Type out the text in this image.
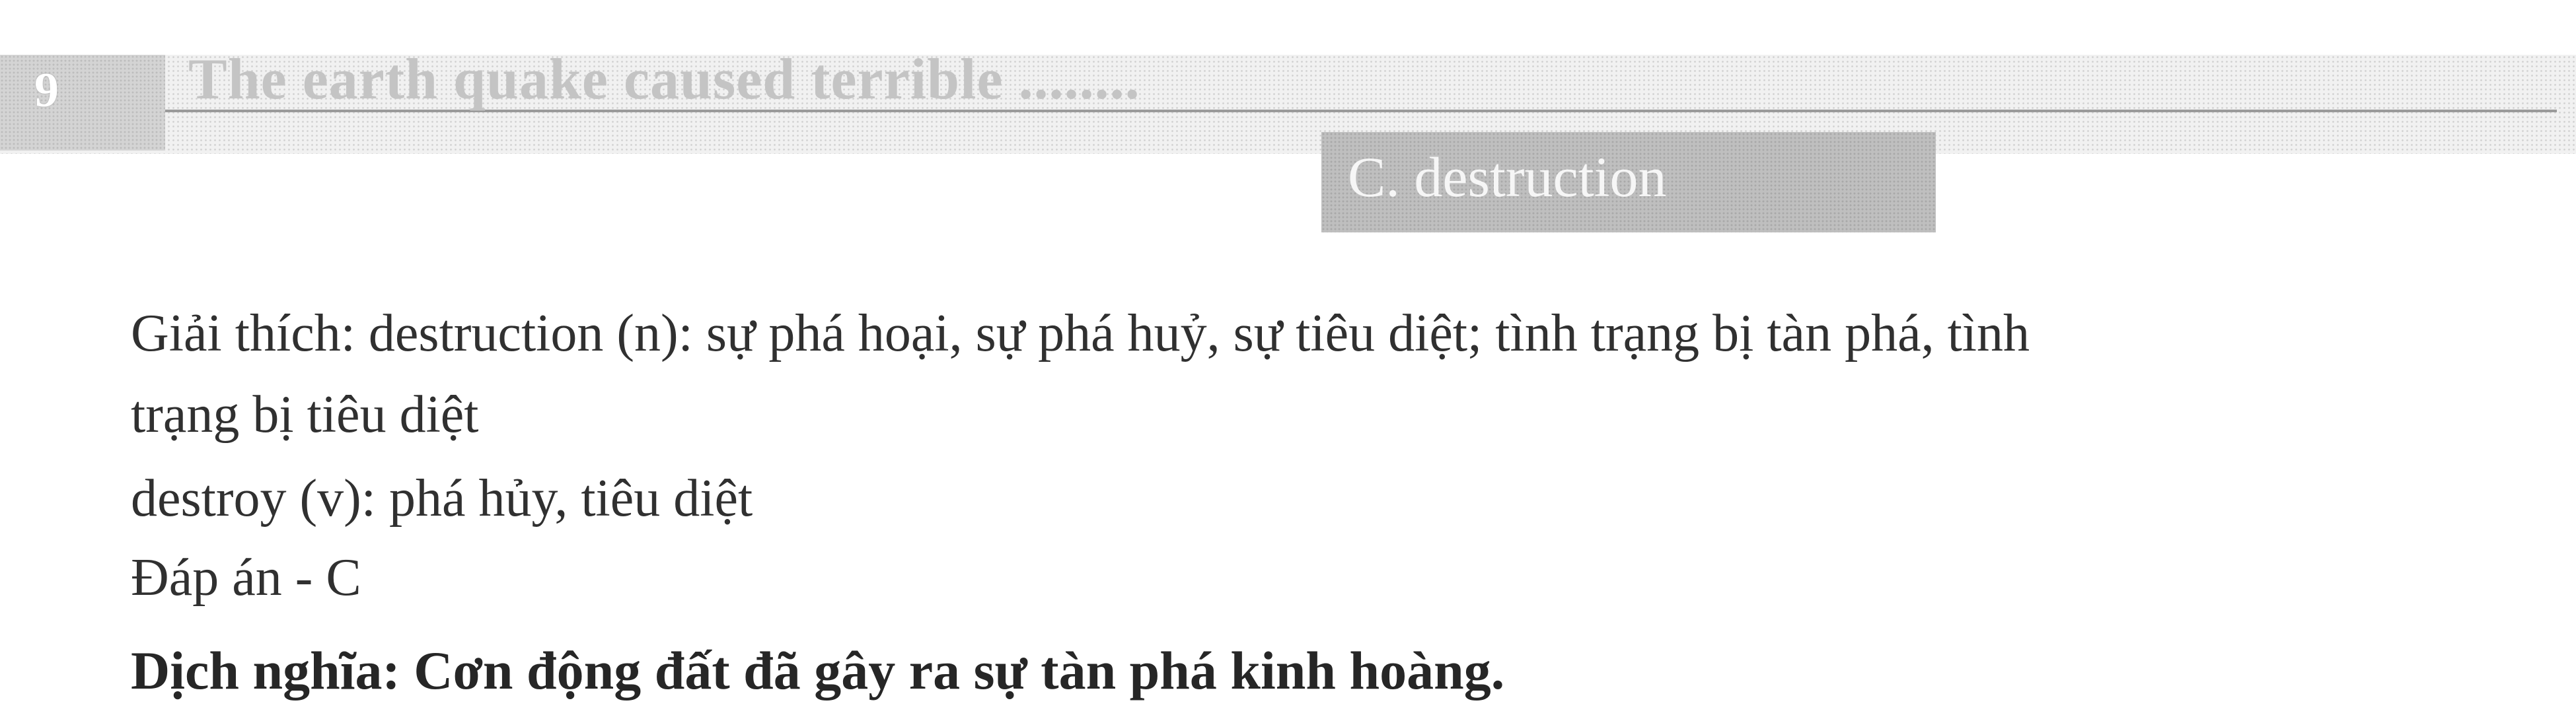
9 The earth quake caused terrible ........
C. destruction
Giải thích: destruction (n): sự phá hoại, sự phá huỷ, sự tiêu diệt; tình trạng bị tàn phá, tình
trạng bị tiêu diệt
destroy (v): phá hủy, tiêu diệt
Đáp án - C
Dịch nghĩa: Cơn động đất đã gây ra sự tàn phá kinh hoàng.
